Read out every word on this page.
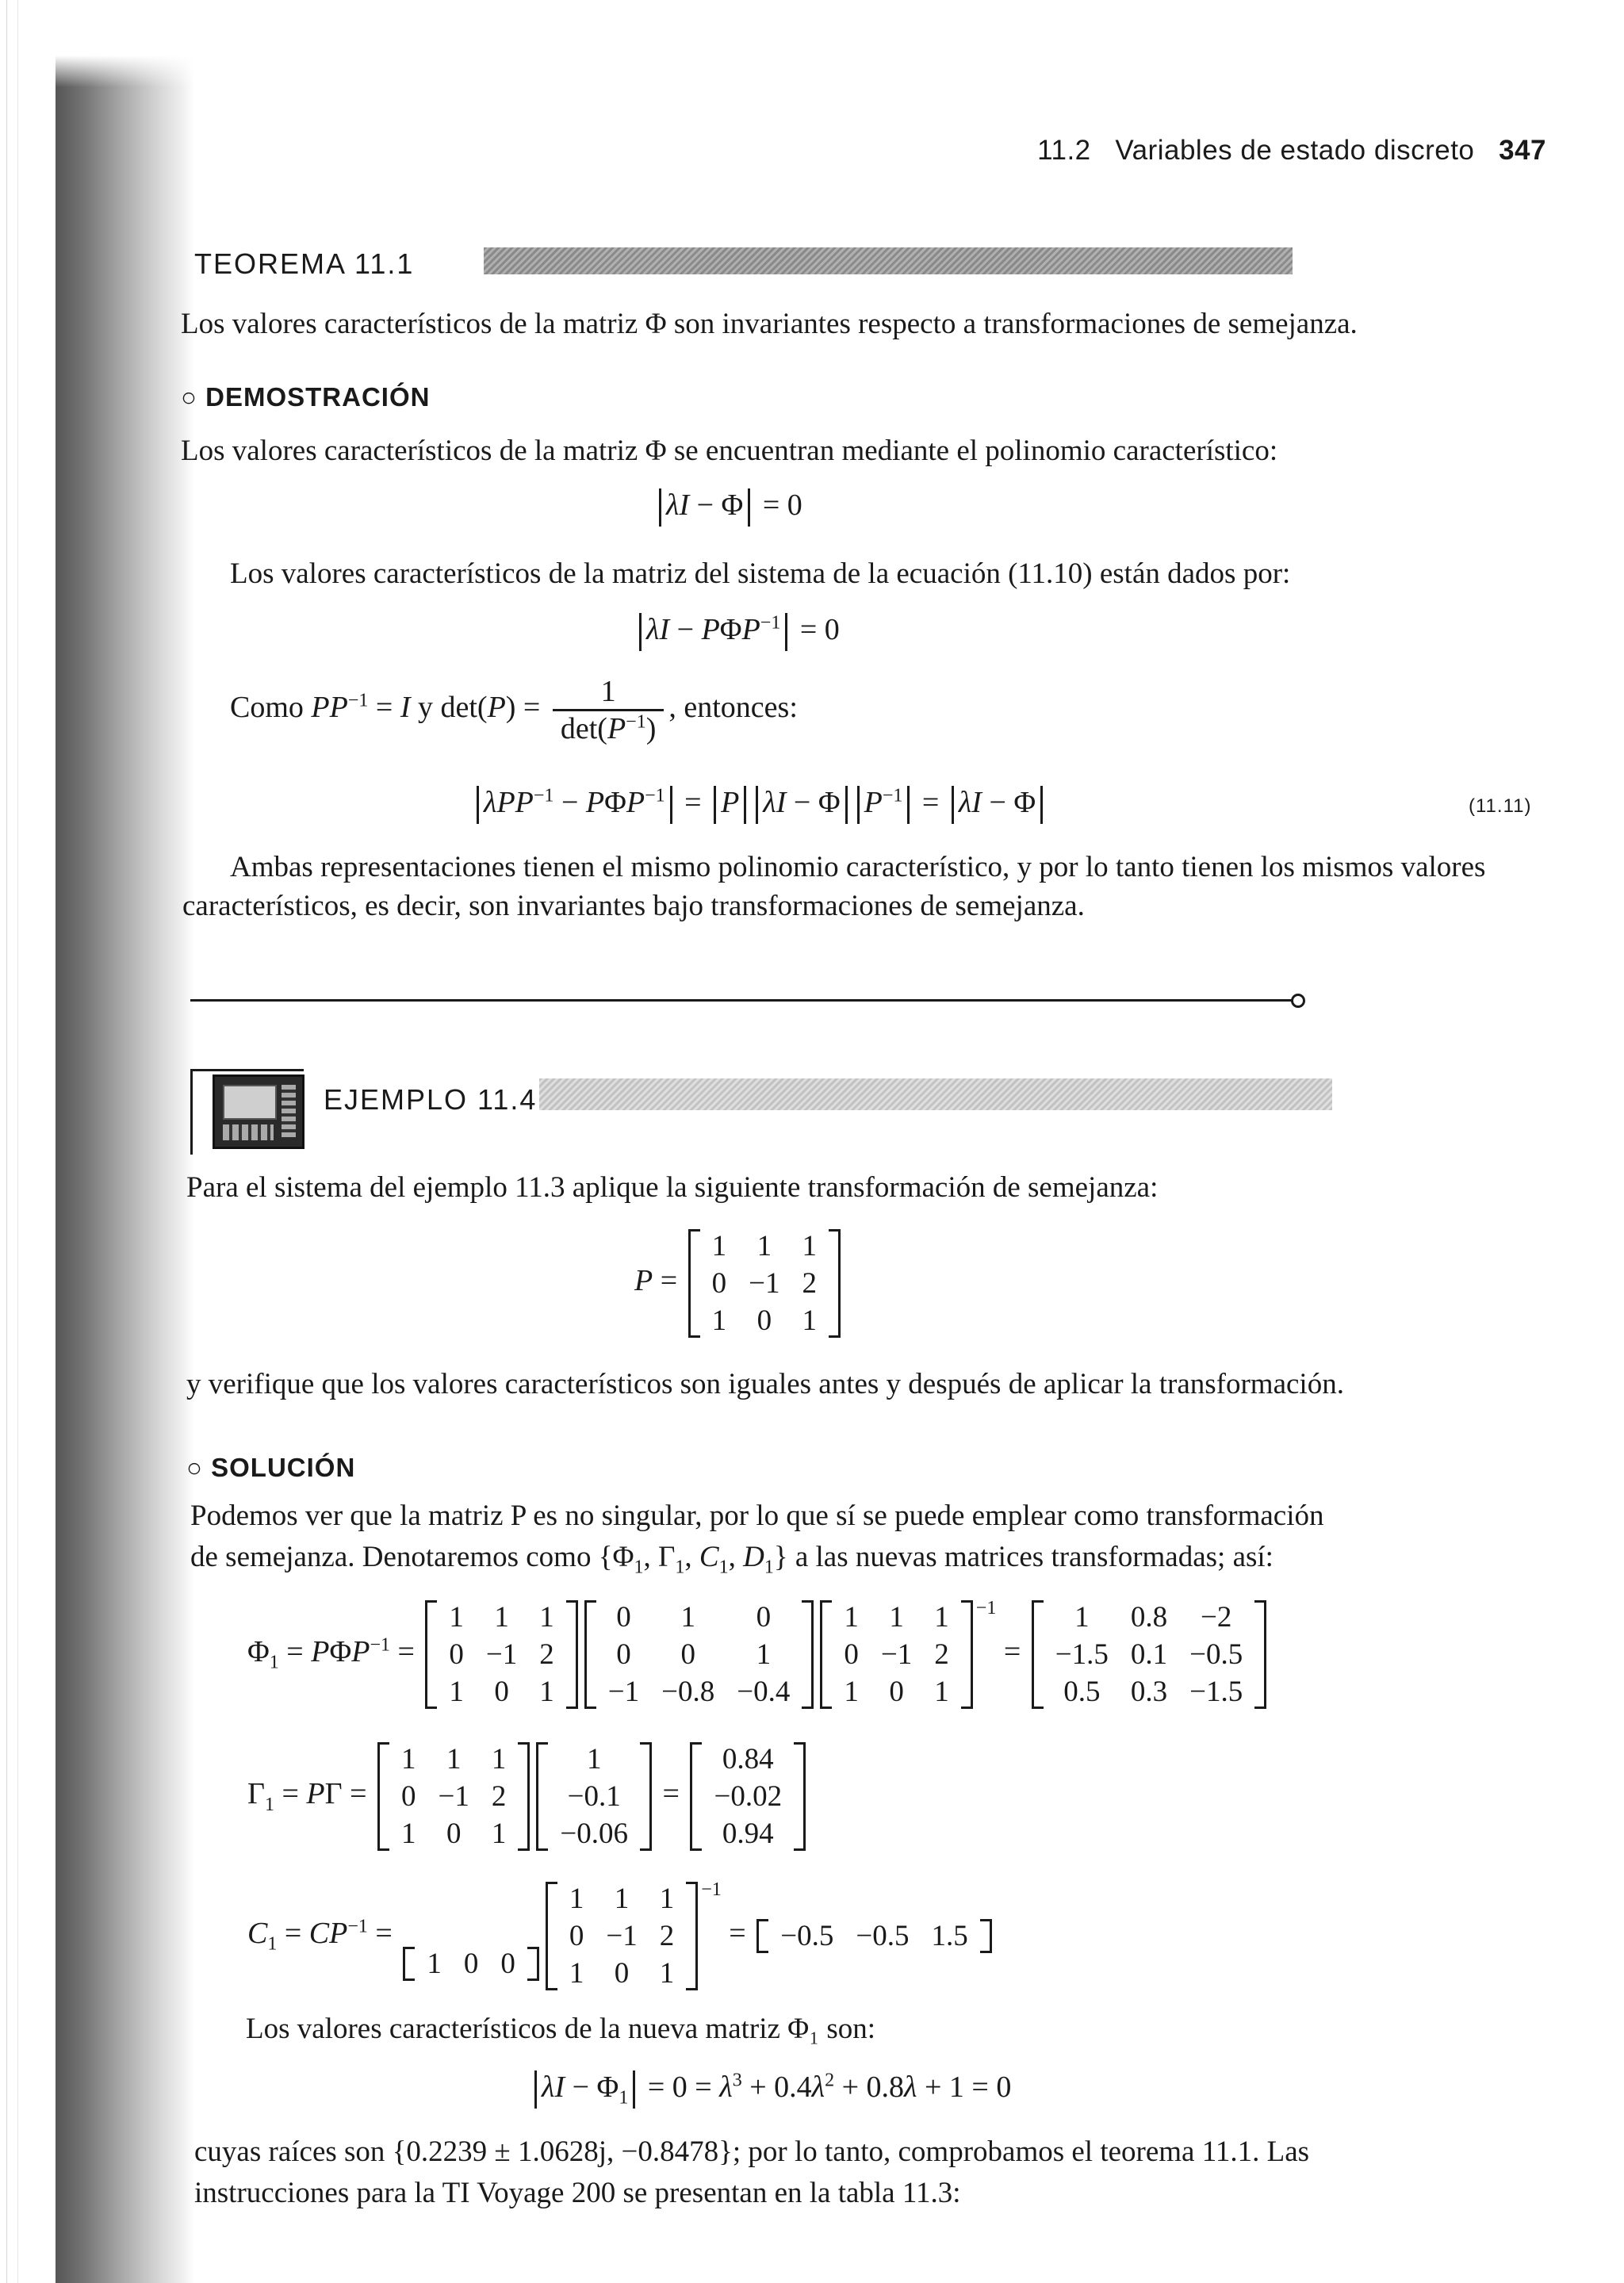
11.2 Variables de estado discreto 347
TEOREMA 11.1
Los valores característicos de la matriz Φ son invariantes respecto a transformaciones de semejanza.
○ DEMOSTRACIÓN
Los valores característicos de la matriz Φ se encuentran mediante el polinomio característico:
λI − Φ = 0
Los valores característicos de la matriz del sistema de la ecuación (11.10) están dados por:
$\lambda I - P\Phi P^{-1} = 0$
Como $PP^{-1} = I$ y $\det(P) = \frac{1}{\det(P^{-1})}$ , entonces:
$\lambda PP^{-1} - P\Phi P^{-1} = P$ λI − Φ $P^{-1} = \lambda I - \Phi$	(11.11)
Ambas representaciones tienen el mismo polinomio característico, y por lo tanto tienen los mismos valores característicos, es decir, son invariantes bajo transformaciones de semejanza.
EJEMPLO 11.4
Para el sistema del ejemplo 11.3 aplique la siguiente transformación de semejanza:
P =
1	1	1
0	−1	2
1	0	1
y verifique que los valores característicos son iguales antes y después de aplicar la transformación.
○ SOLUCIÓN
Podemos ver que la matriz P es no singular, por lo que sí se puede emplear como transformación
de semejanza. Denotaremos como {$\Phi_1$, $\Gamma_1$, $C_1$, $D_1$} a las nuevas matrices transformadas; así:
$\Phi_1 = P\Phi P^{-1}$ =
1	1	1
0	−1	2
1	0	1
0	1	0
0	0	1
−1	−0.8	−0.4
1	1	1
0	−1	2
1	0	1
$^{-1}$ =
1	0.8	−2
−1.5	0.1	−0.5
0.5	0.3	−1.5
$\Gamma_1 = P\Gamma$ =
1	1	1
0	−1	2
1	0	1
1
−0.1
−0.06
=
0.84
−0.02
0.94
$C_1 = CP^{-1}$ =
1	0	0
1	1	1
0	−1	2
1	0	1
$^{-1}$ = −0.5	−0.5	1.5
Los valores característicos de la nueva matriz Φ₁ son:
$\lambda I - \Phi_1 = 0 = \lambda^3 + 0.4\lambda^2 + 0.8\lambda + 1 = 0$
cuyas raíces son {0.2239 ± 1.0628j, −0.8478}; por lo tanto, comprobamos el teorema 11.1. Las
instrucciones para la TI Voyage 200 se presentan en la tabla 11.3:
